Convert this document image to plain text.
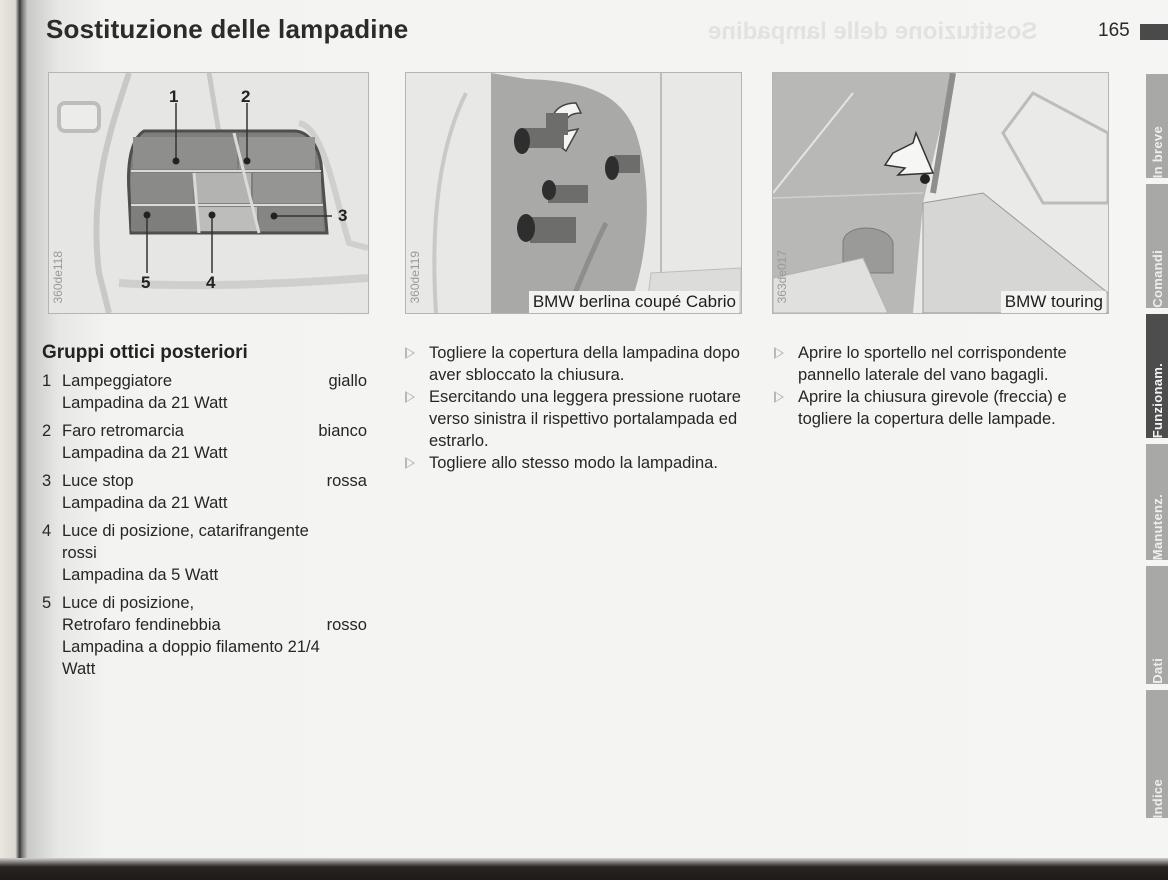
Sostituzione delle lampadine
Sostituzione delle lampadine	165
1	2
3
4
5
360de118	360de119	BMW berlina coupé Cabrio	363de017	BMW touring
Gruppi ottici posteriori
1 Lampeggiatore	giallo
Lampadina da 21 Watt
2 Faro retromarcia	bianco
Lampadina da 21 Watt
3 Luce stop	rossa
Lampadina da 21 Watt
4 Luce di posizione, catarifrangente
rossi
Lampadina da 5 Watt
5 Luce di posizione,
Retrofaro fendinebbia	rosso
Lampadina a doppio filamento 21/4
Watt
Togliere la copertura della lampadina dopo aver sbloccato la chiusura.
Esercitando una leggera pressione ruotare verso sinistra il rispettivo portalampada ed estrarlo.
Togliere allo stesso modo la lampadina.
Aprire lo sportello nel corrispondente pannello laterale del vano bagagli.
Aprire la chiusura girevole (freccia) e togliere la copertura delle lampade.
In breve
Comandi
Funzionam.
Manutenz.
Dati
Indice
